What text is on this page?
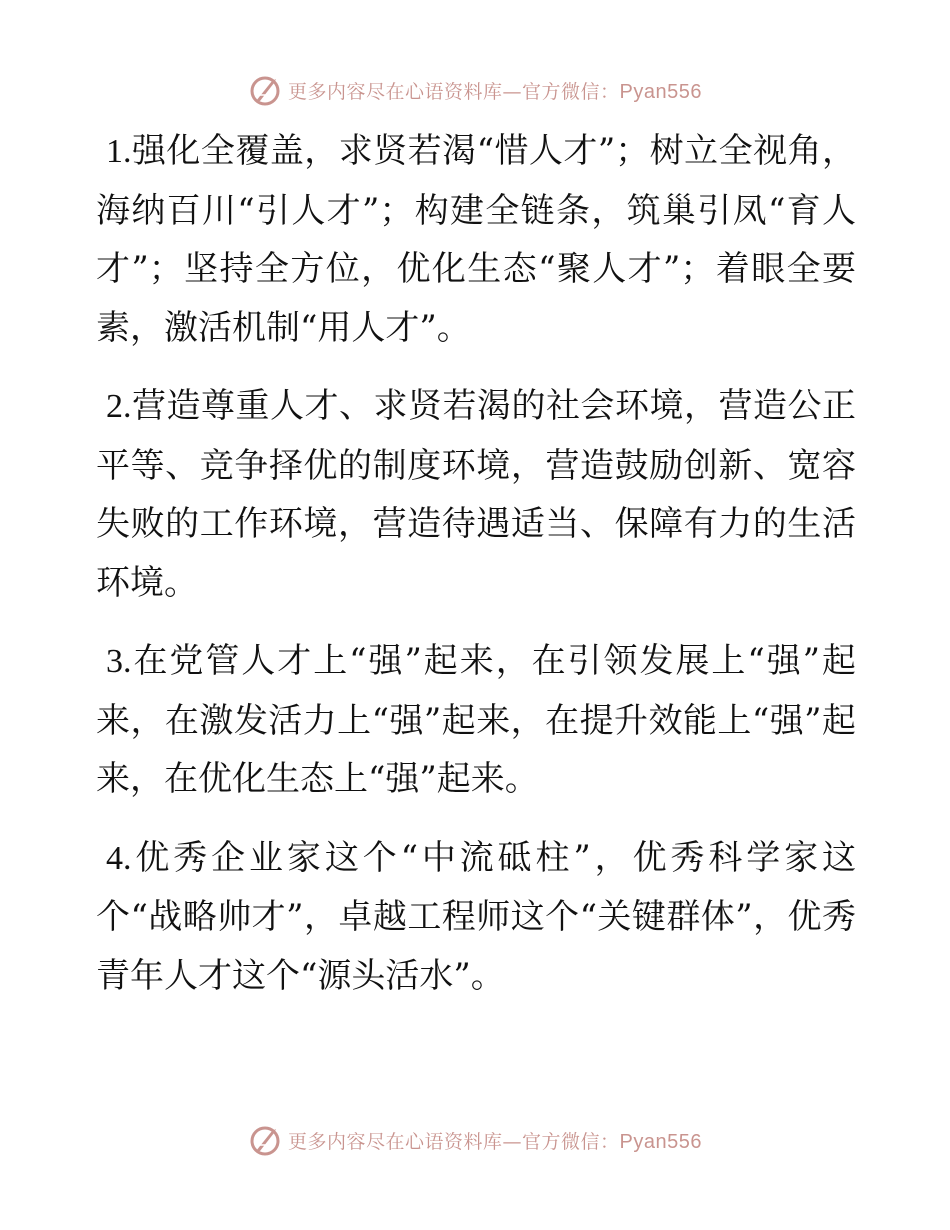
更多内容尽在心语资料库—官方微信：Pyan556

1.强化全覆盖，求贤若渴“惜人才”；树立全视角，海纳百川“引人才”；构建全链条，筑巢引凤“育人才”；坚持全方位，优化生态“聚人才”；着眼全要素，激活机制“用人才”。

2.营造尊重人才、求贤若渴的社会环境，营造公正平等、竞争择优的制度环境，营造鼓励创新、宽容失败的工作环境，营造待遇适当、保障有力的生活环境。

3.在党管人才上“强”起来，在引领发展上“强”起来，在激发活力上“强”起来，在提升效能上“强”起来，在优化生态上“强”起来。

4.优秀企业家这个“中流砥柱”，优秀科学家这个“战略帅才”，卓越工程师这个“关键群体”，优秀青年人才这个“源头活水”。

更多内容尽在心语资料库—官方微信：Pyan556
